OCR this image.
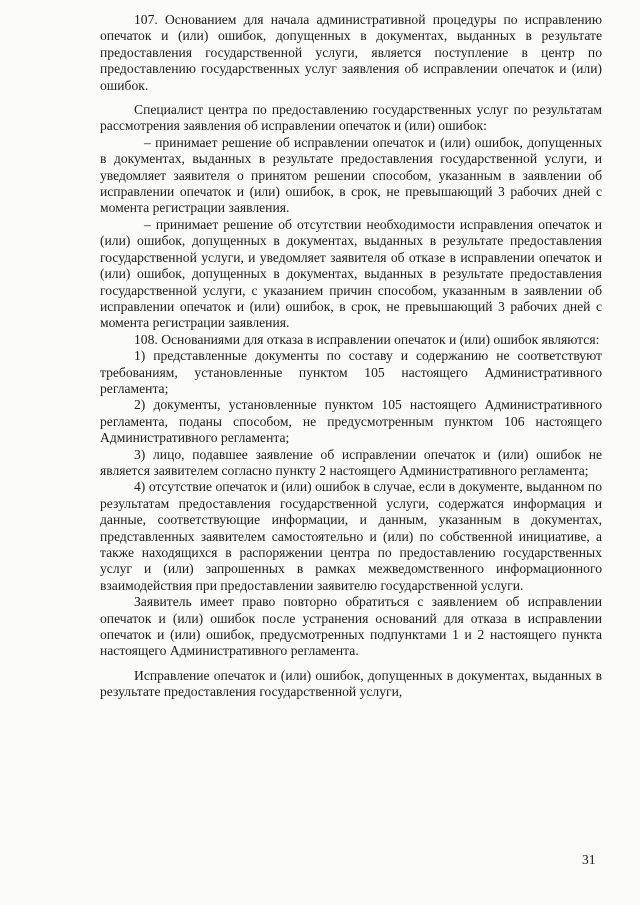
107. Основанием для начала административной процедуры по исправлению опечаток и (или) ошибок, допущенных в документах, выданных в результате предоставления государственной услуги, является поступление в центр по предоставлению государственных услуг заявления об исправлении опечаток и (или) ошибок.

Специалист центра по предоставлению государственных услуг по результатам рассмотрения заявления об исправлении опечаток и (или) ошибок:

– принимает решение об исправлении опечаток и (или) ошибок, допущенных в документах, выданных в результате предоставления государственной услуги, и уведомляет заявителя о принятом решении способом, указанным в заявлении об исправлении опечаток и (или) ошибок, в срок, не превышающий 3 рабочих дней с момента регистрации заявления.

– принимает решение об отсутствии необходимости исправления опечаток и (или) ошибок, допущенных в документах, выданных в результате предоставления государственной услуги, и уведомляет заявителя об отказе в исправлении опечаток и (или) ошибок, допущенных в документах, выданных в результате предоставления государственной услуги, с указанием причин способом, указанным в заявлении об исправлении опечаток и (или) ошибок, в срок, не превышающий 3 рабочих дней с момента регистрации заявления.

108. Основаниями для отказа в исправлении опечаток и (или) ошибок являются:

1) представленные документы по составу и содержанию не соответствуют требованиям, установленные пунктом 105 настоящего Административного регламента;

2) документы, установленные пунктом 105 настоящего Административного регламента, поданы способом, не предусмотренным пунктом 106 настоящего Административного регламента;

3) лицо, подавшее заявление об исправлении опечаток и (или) ошибок не является заявителем согласно пункту 2 настоящего Административного регламента;

4) отсутствие опечаток и (или) ошибок в случае, если в документе, выданном по результатам предоставления государственной услуги, содержатся информация и данные, соответствующие информации, и данным, указанным в документах, представленных заявителем самостоятельно и (или) по собственной инициативе, а также находящихся в распоряжении центра по предоставлению государственных услуг и (или) запрошенных в рамках межведомственного информационного взаимодействия при предоставлении заявителю государственной услуги.

Заявитель имеет право повторно обратиться с заявлением об исправлении опечаток и (или) ошибок после устранения оснований для отказа в исправлении опечаток и (или) ошибок, предусмотренных подпунктами 1 и 2 настоящего пункта настоящего Административного регламента.

Исправление опечаток и (или) ошибок, допущенных в документах, выданных в результате предоставления государственной услуги,

31
